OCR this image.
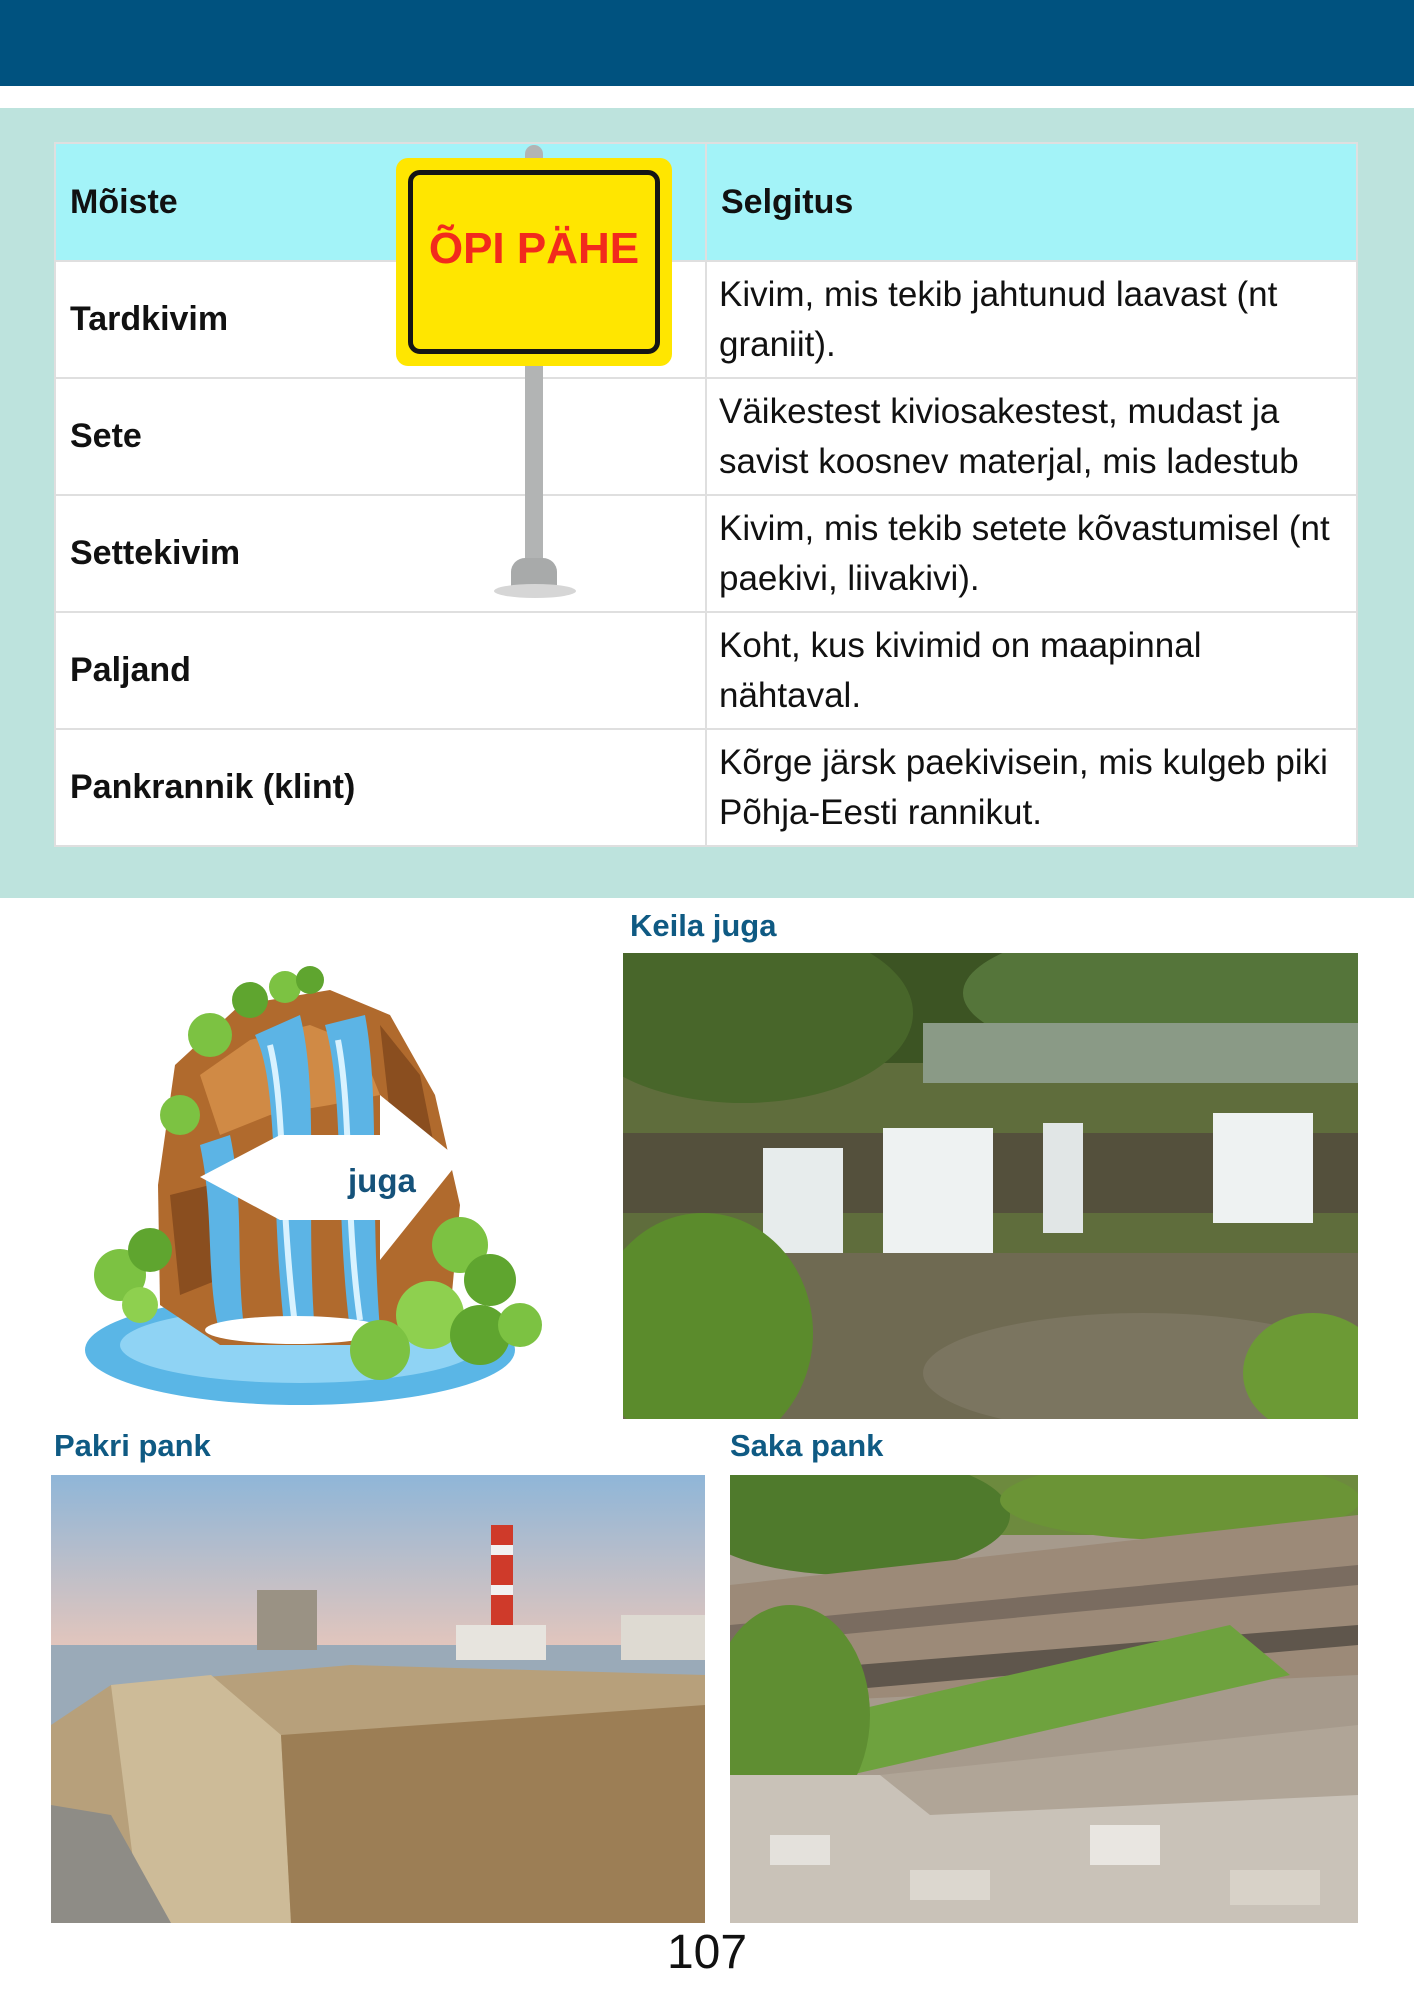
Mõiste	Selgitus
Tardkivim	Kivim, mis tekib jahtunud laavast (nt graniit).
Sete	Väikestest kiviosakestest, mudast ja savist koosnev materjal, mis ladestub
Settekivim	Kivim, mis tekib setete kõvastumisel (nt paekivi, liivakivi).
Paljand	Koht, kus kivimid on maapinnal nähtaval.
Pankrannik (klint)	Kõrge järsk paekivisein, mis kulgeb piki Põhja-Eesti rannikut.
ÕPI PÄHE
juga
Keila juga
Pakri pank	Saka pank
107
